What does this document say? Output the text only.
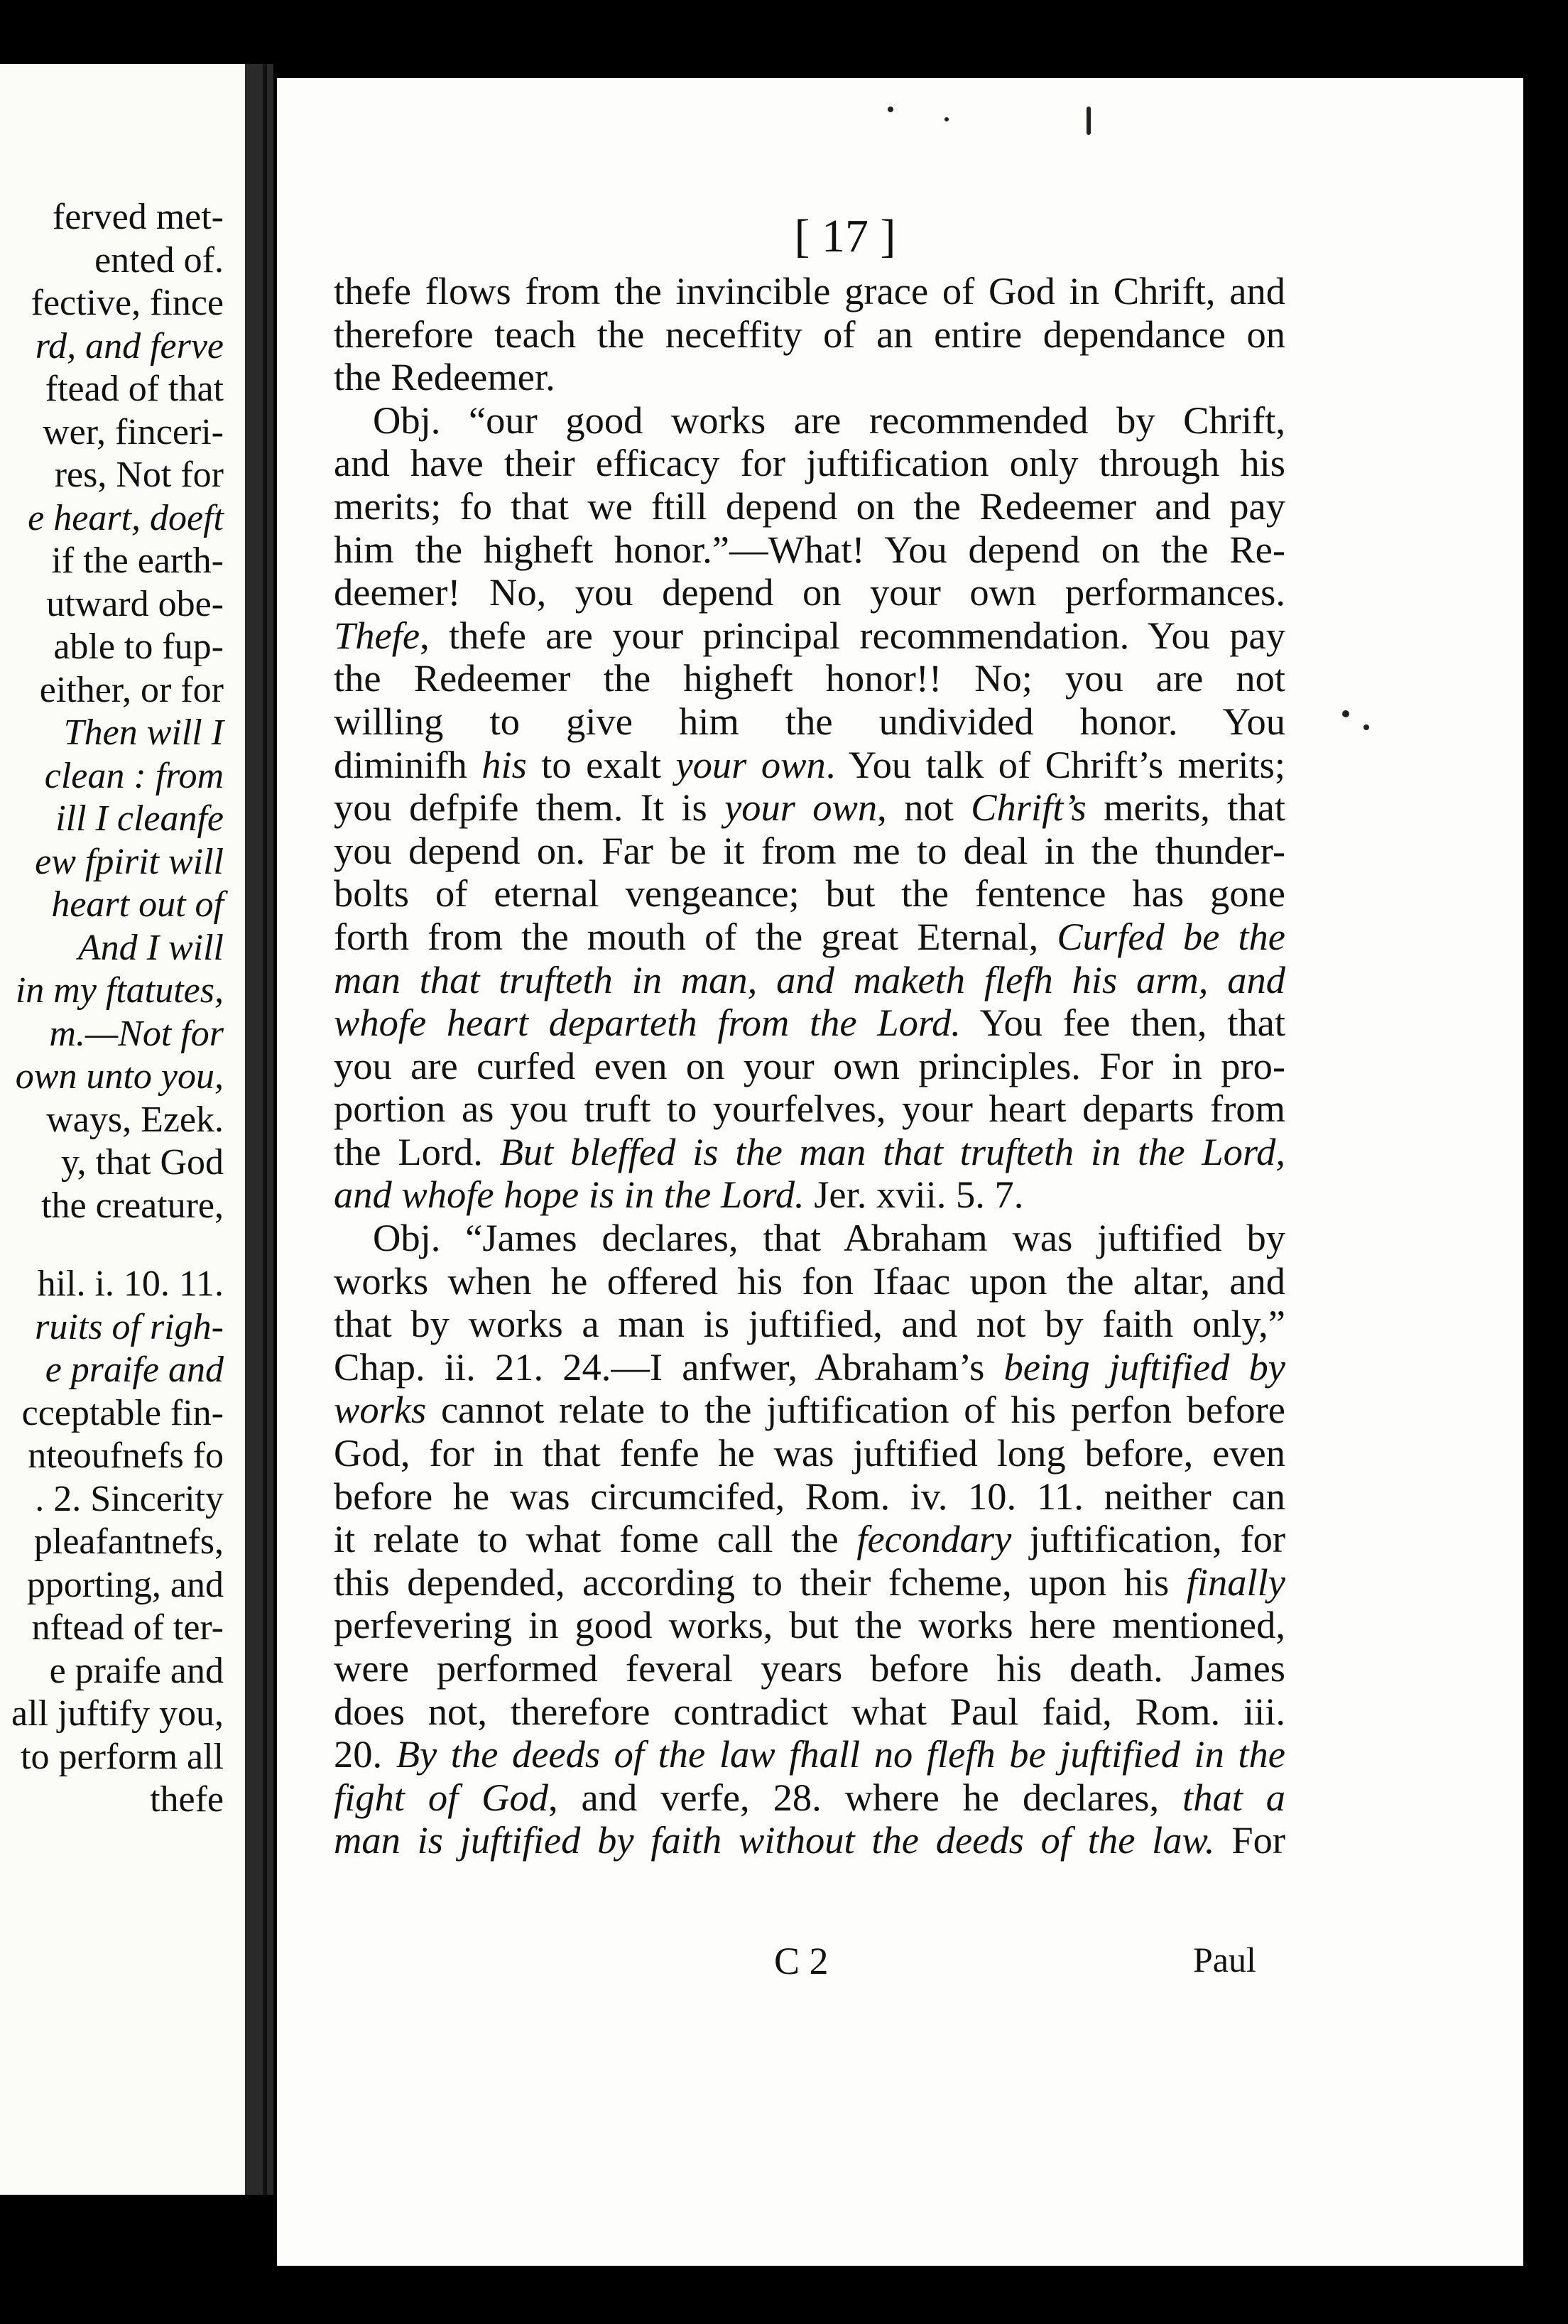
ferved met-
ented of.
fective, fince
rd, and ferve
ftead of that
wer, finceri-
res, Not for
e heart, doeft
if the earth-
utward obe-
able to fup-
either, or for
Then will I
clean : from
ill I cleanfe
ew fpirit will
heart out of
And I will
in my ftatutes,
m.—Not for
own unto you,
ways, Ezek.
y, that God
the creature,
hil. i. 10. 11.
ruits of righ-
e praife and
cceptable fin-
nteoufnefs fo
. 2. Sincerity
pleafantnefs,
pporting, and
nftead of ter-
e praife and
all juftify you,
to perform all
thefe
[ 17 ]
thefe flows from the invincible grace of God in Chrift, and
therefore teach the neceffity of an entire dependance on
the Redeemer.
Obj. “our good works are recommended by Chrift,
and have their efficacy for juftification only through his
merits; fo that we ftill depend on the Redeemer and pay
him the higheft honor.”—What! You depend on the Re-
deemer! No, you depend on your own performances.
Thefe, thefe are your principal recommendation. You pay
the Redeemer the higheft honor!! No; you are not
willing to give him the undivided honor. You
diminifh his to exalt your own. You talk of Chrift’s merits;
you defpife them. It is your own, not Chrift’s merits, that
you depend on. Far be it from me to deal in the thunder-
bolts of eternal vengeance; but the fentence has gone
forth from the mouth of the great Eternal, Curfed be the
man that trufteth in man, and maketh flefh his arm, and
whofe heart departeth from the Lord. You fee then, that
you are curfed even on your own principles. For in pro-
portion as you truft to yourfelves, your heart departs from
the Lord. But bleffed is the man that trufteth in the Lord,
and whofe hope is in the Lord. Jer. xvii. 5. 7.
Obj. “James declares, that Abraham was juftified by
works when he offered his fon Ifaac upon the altar, and
that by works a man is juftified, and not by faith only,”
Chap. ii. 21. 24.—I anfwer, Abraham’s being juftified by
works cannot relate to the juftification of his perfon before
God, for in that fenfe he was juftified long before, even
before he was circumcifed, Rom. iv. 10. 11. neither can
it relate to what fome call the fecondary juftification, for
this depended, according to their fcheme, upon his finally
perfevering in good works, but the works here mentioned,
were performed feveral years before his death. James
does not, therefore contradict what Paul faid, Rom. iii.
20. By the deeds of the law fhall no flefh be juftified in the
fight of God, and verfe, 28. where he declares, that a
man is juftified by faith without the deeds of the law. For
C 2	Paul
